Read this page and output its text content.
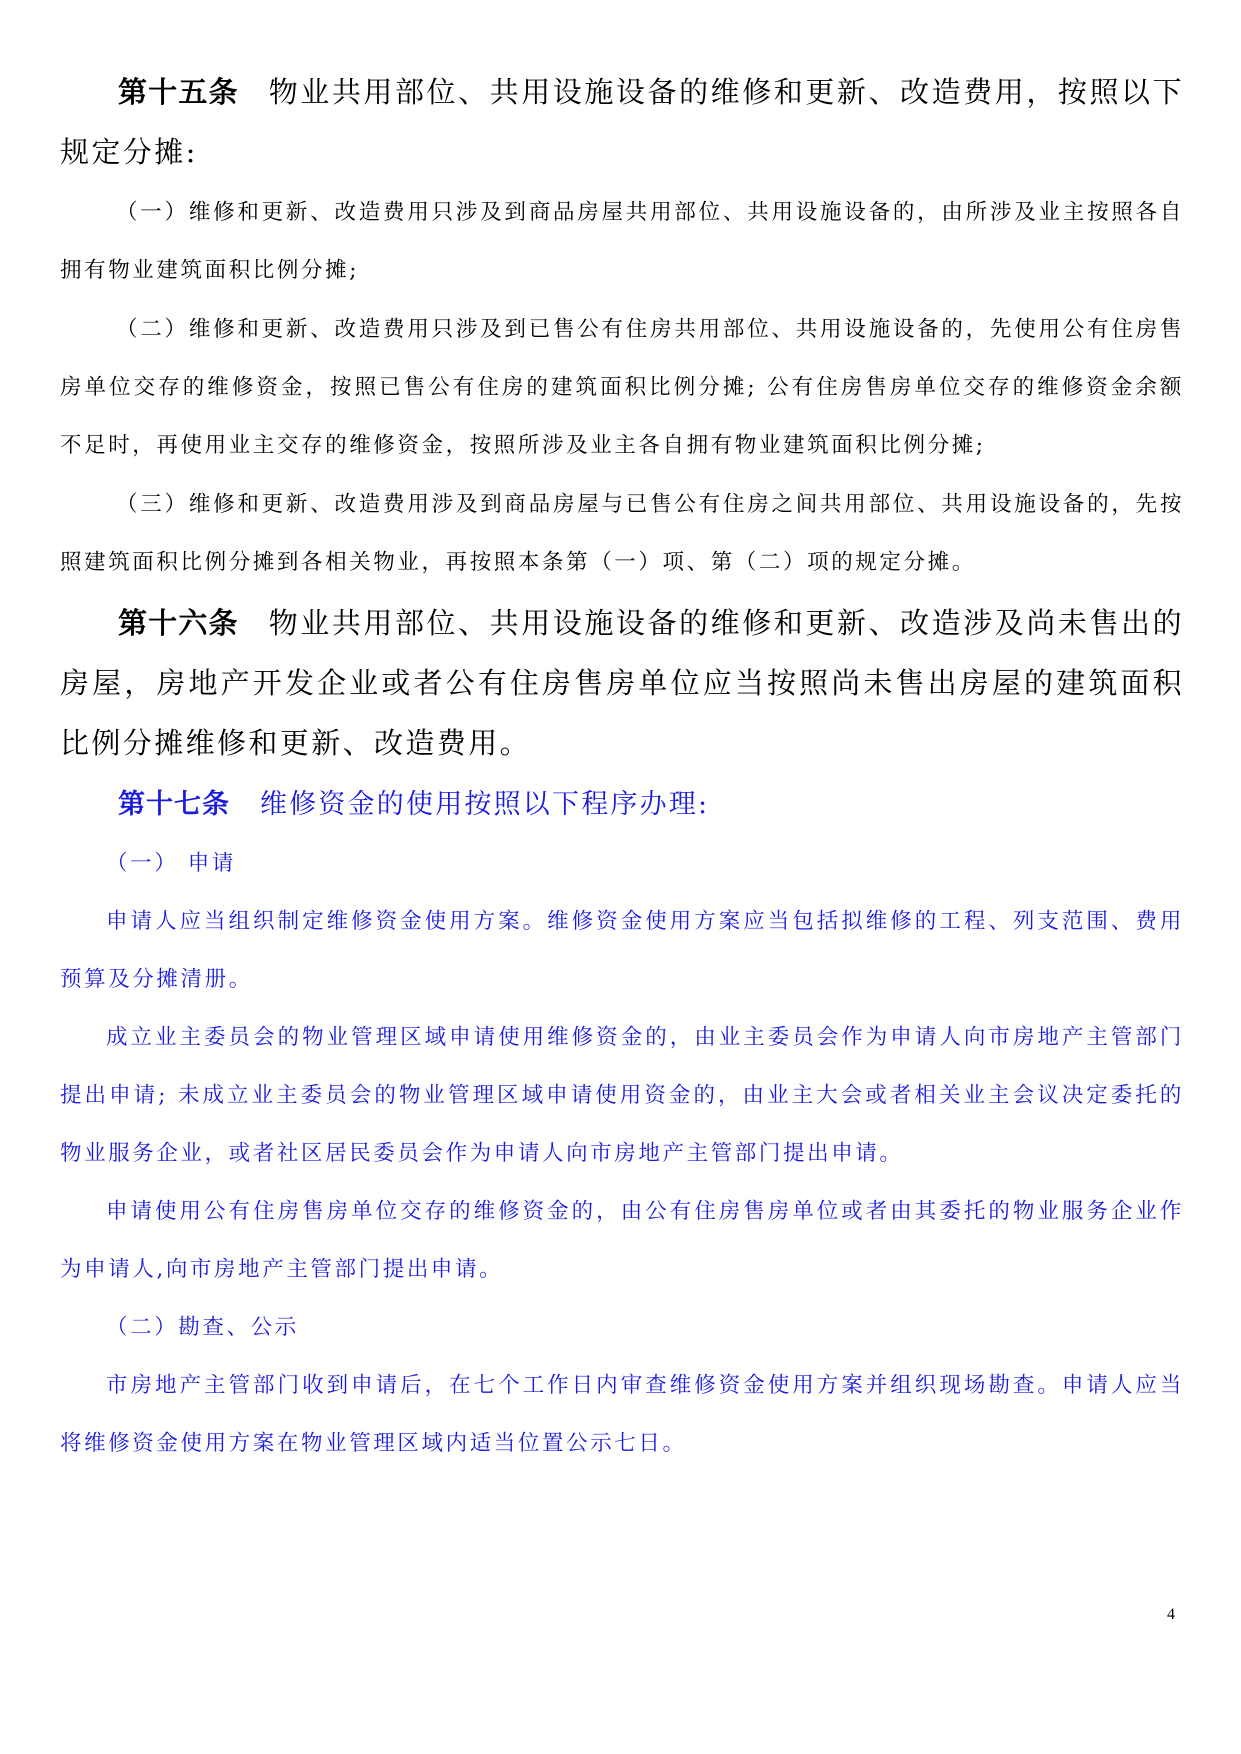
第十五条 物业共用部位、共用设施设备的维修和更新、改造费用，按照以下规定分摊:

（一）维修和更新、改造费用只涉及到商品房屋共用部位、共用设施设备的，由所涉及业主按照各自拥有物业建筑面积比例分摊;

（二）维修和更新、改造费用只涉及到已售公有住房共用部位、共用设施设备的，先使用公有住房售房单位交存的维修资金，按照已售公有住房的建筑面积比例分摊; 公有住房售房单位交存的维修资金余额不足时，再使用业主交存的维修资金，按照所涉及业主各自拥有物业建筑面积比例分摊;

（三）维修和更新、改造费用涉及到商品房屋与已售公有住房之间共用部位、共用设施设备的，先按照建筑面积比例分摊到各相关物业，再按照本条第（一）项、第（二）项的规定分摊。

第十六条 物业共用部位、共用设施设备的维修和更新、改造涉及尚未售出的房屋，房地产开发企业或者公有住房售房单位应当按照尚未售出房屋的建筑面积比例分摊维修和更新、改造费用。

第十七条 维修资金的使用按照以下程序办理:

（一） 申请

申请人应当组织制定维修资金使用方案。维修资金使用方案应当包括拟维修的工程、列支范围、费用预算及分摊清册。

成立业主委员会的物业管理区域申请使用维修资金的，由业主委员会作为申请人向市房地产主管部门提出申请; 未成立业主委员会的物业管理区域申请使用资金的，由业主大会或者相关业主会议决定委托的物业服务企业，或者社区居民委员会作为申请人向市房地产主管部门提出申请。

申请使用公有住房售房单位交存的维修资金的，由公有住房售房单位或者由其委托的物业服务企业作为申请人,向市房地产主管部门提出申请。

（二）勘查、公示

市房地产主管部门收到申请后，在七个工作日内审查维修资金使用方案并组织现场勘查。申请人应当将维修资金使用方案在物业管理区域内适当位置公示七日。

4
